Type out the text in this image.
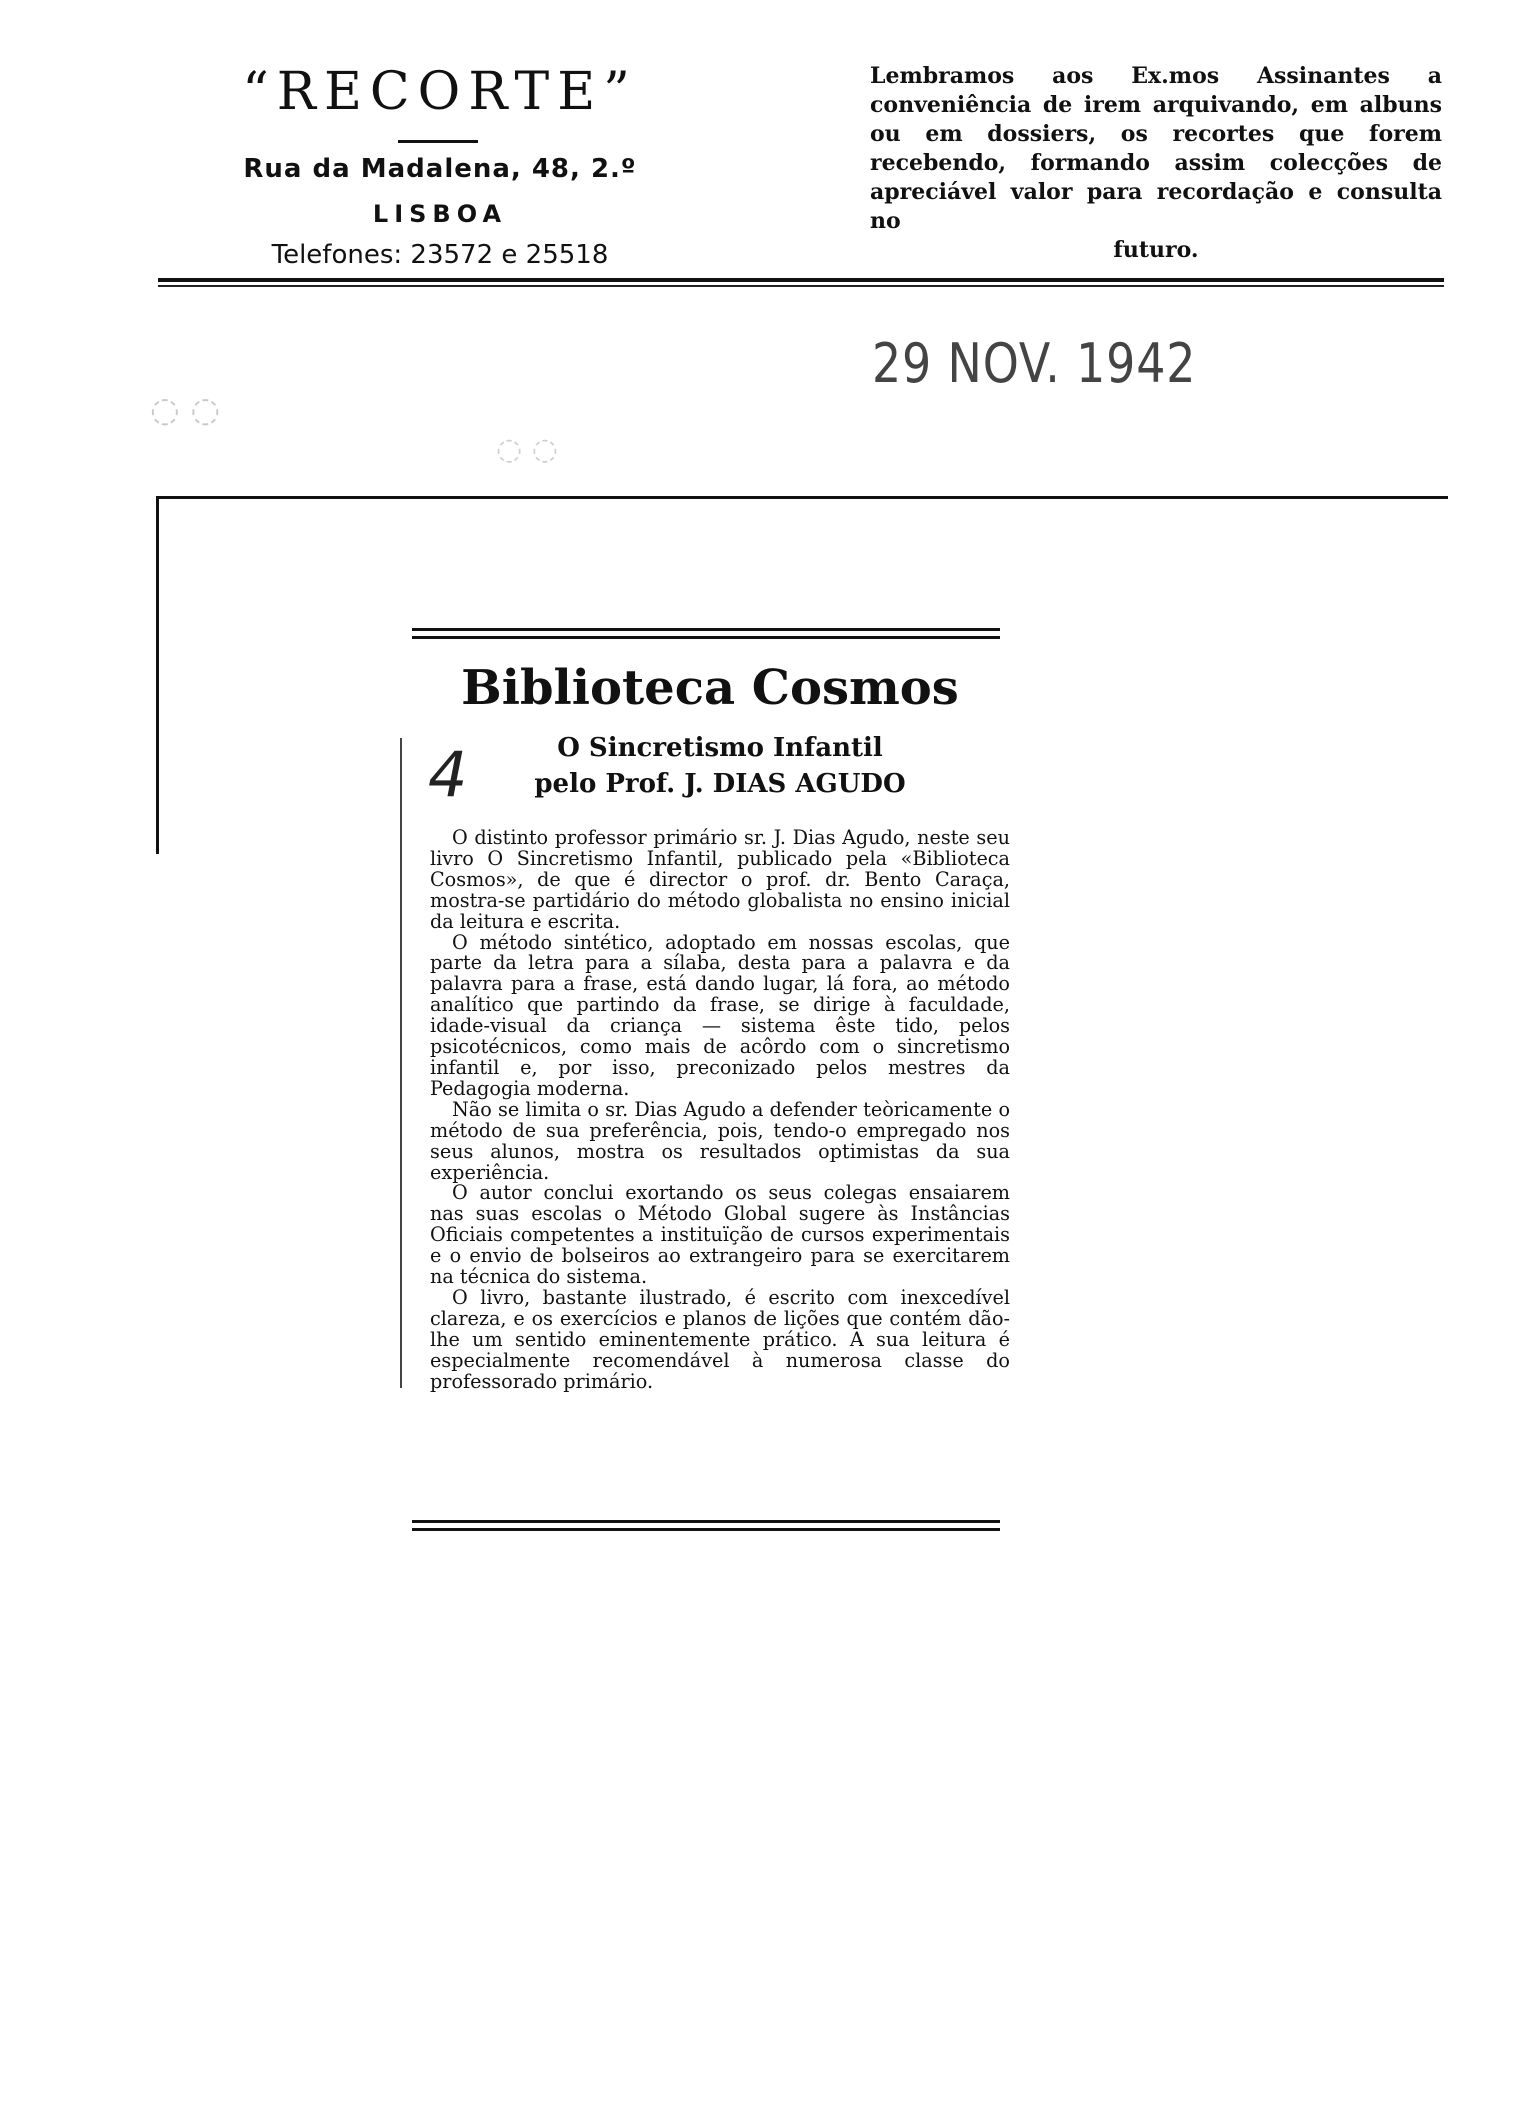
“RECORTE”
Rua da Madalena, 48, 2.º
LISBOA
Telefones: 23572 e 25518
Lembramos aos Ex.mos Assinantes a conveniência de irem arquivando, em albuns ou em dossiers, os recortes que forem recebendo, formando assim colecções de apreciável valor para recordação e consulta no
futuro.
29 NOV. 1942
◌ ◌
◌ ◌
Biblioteca Cosmos
4	O Sincretismo Infantil
pelo Prof. J. DIAS AGUDO

O distinto professor primário sr. J. Dias Agudo, neste seu livro O Sincretismo Infantil, publicado pela «Biblioteca Cosmos», de que é director o prof. dr. Bento Caraça, mostra-se partidário do método globalista no ensino inicial da leitura e escrita.

O método sintético, adoptado em nossas escolas, que parte da letra para a sílaba, desta para a palavra e da palavra para a frase, está dando lugar, lá fora, ao método analítico que partindo da frase, se dirige à faculdade, idade-visual da criança — sistema êste tido, pelos psicotécnicos, como mais de acôrdo com o sincretismo infantil e, por isso, preconizado pelos mestres da Pedagogia moderna.

Não se limita o sr. Dias Agudo a defender teòricamente o método de sua preferência, pois, tendo-o empregado nos seus alunos, mostra os resultados optimistas da sua experiência.

O autor conclui exortando os seus colegas ensaiarem nas suas escolas o Método Global sugere às Instâncias Oficiais competentes a instituïção de cursos experimentais e o envio de bolseiros ao extrangeiro para se exercitarem na técnica do sistema.

O livro, bastante ilustrado, é escrito com inexcedível clareza, e os exercícios e planos de lições que contém dão-lhe um sentido eminentemente prático. A sua leitura é especialmente recomendável à numerosa classe do professorado primário.
